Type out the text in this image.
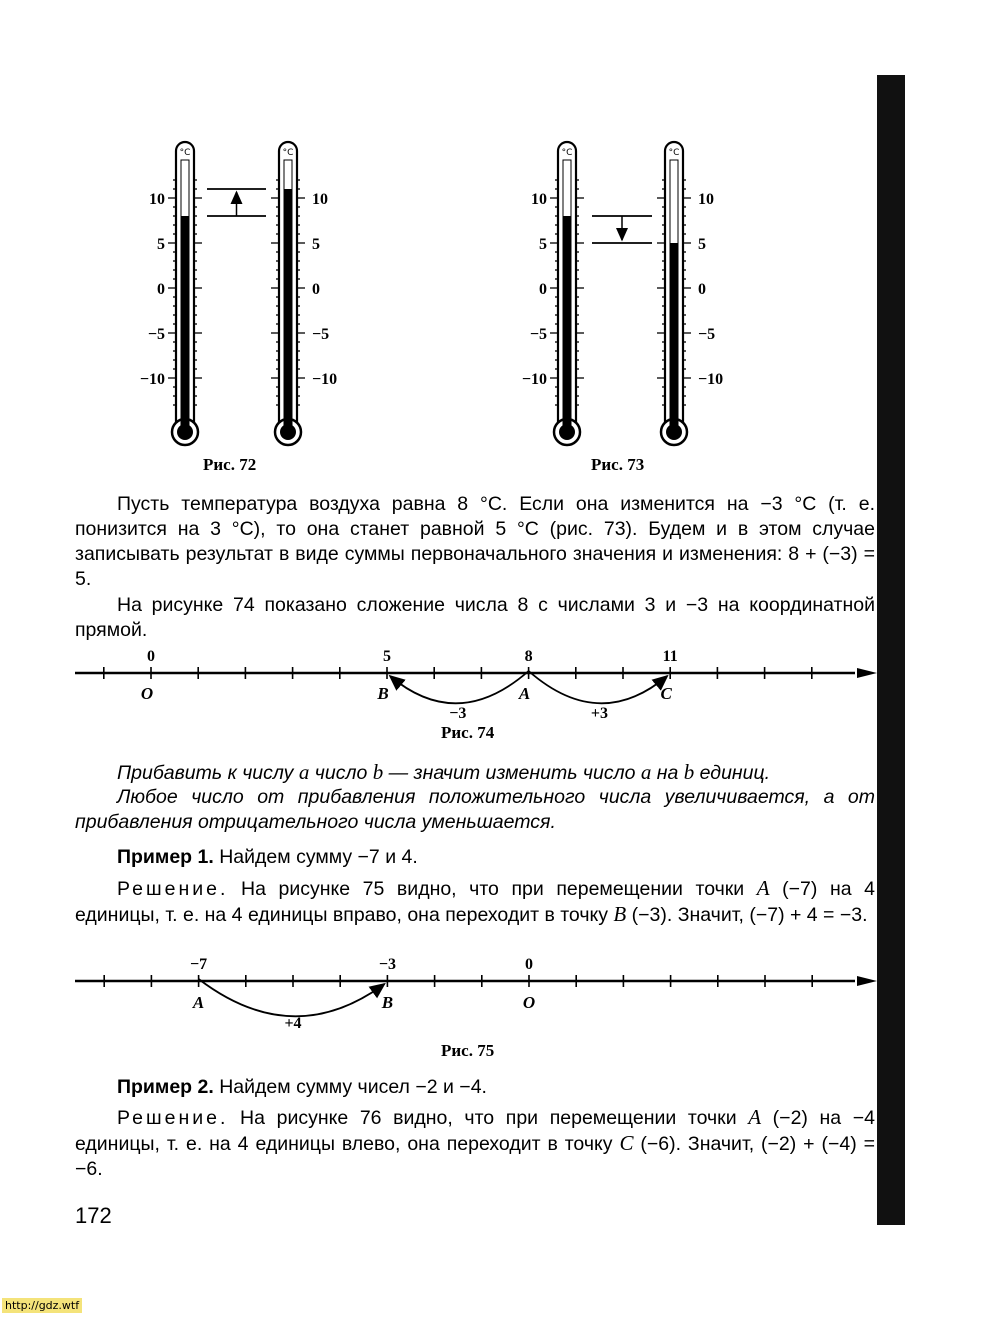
°C
10
5
0
−5
−10
°C
10
5
0
−5
−10
°C
10
5
0
−5
−10
°C
10
5
0
−5
−10
0
O
5
B
8
A
11
C
−3	+3
−7
A
−3
B
0
O
+4
Рис. 72	Рис. 73

Пусть температура воздуха равна 8 °C. Если она изменится на −3 °C (т. е. понизится на 3 °C), то она станет равной 5 °C (рис. 73). Будем и в этом случае записывать результат в виде суммы первоначального значения и изменения: 8 + (−3) = 5.

На рисунке 74 показано сложение числа 8 с числами 3 и −3 на координатной прямой.

Рис. 74

Прибавить к числу a число b — значит изменить число a на b единиц.

Любое число от прибавления положительного числа увеличивается, а от прибавления отрицательного числа уменьшается.

Пример 1. Найдем сумму −7 и 4.

Решение. На рисунке 75 видно, что при перемещении точки A (−7) на 4 единицы, т. е. на 4 единицы вправо, она переходит в точку B (−3). Значит, (−7) + 4 = −3.

Рис. 75

Пример 2. Найдем сумму чисел −2 и −4.

Решение. На рисунке 76 видно, что при перемещении точки A (−2) на −4 единицы, т. е. на 4 единицы влево, она переходит в точку C (−6). Значит, (−2) + (−4) = −6.

172
http://gdz.wtf
